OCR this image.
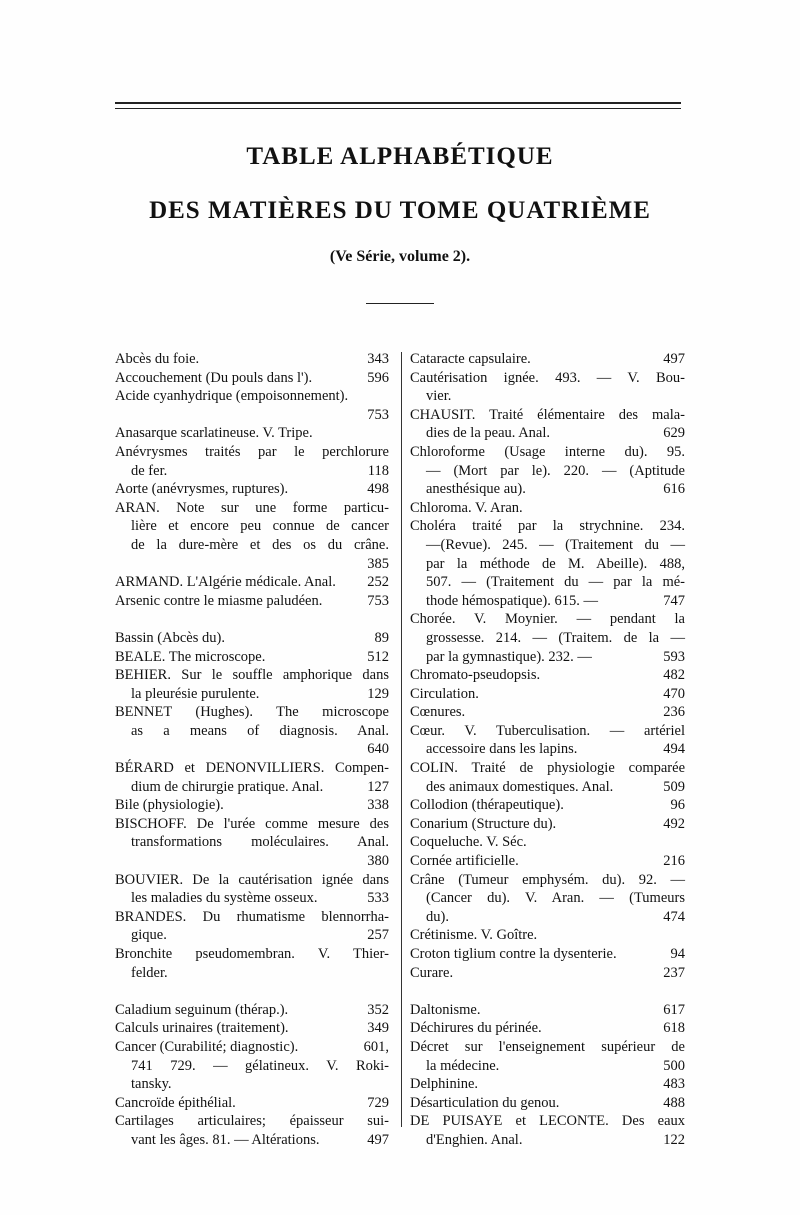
TABLE ALPHABÉTIQUE
DES MATIÈRES DU TOME QUATRIÈME
(Ve Série, volume 2).
Abcès du foie.	343
Accouchement (Du pouls dans l').	596
Acide cyanhydrique (empoisonnement).
753
Anasarque scarlatineuse. V. Tripe.
Anévrysmes traités par le perchlorure
de fer.	118
Aorte (anévrysmes, ruptures).	498
ARAN. Note sur une forme particu-
lière et encore peu connue de cancer
de la dure-mère et des os du crâne.
385
ARMAND. L'Algérie médicale. Anal. 252
Arsenic contre le miasme paludéen.	753
Bassin (Abcès du).	89
BEALE. The microscope.	512
BEHIER. Sur le souffle amphorique dans
la pleurésie purulente.	129
BENNET (Hughes). The microscope
as a means of diagnosis. Anal.
640
BÉRARD et DENONVILLIERS. Compen-
dium de chirurgie pratique. Anal.	127
Bile (physiologie).	338
BISCHOFF. De l'urée comme mesure des
transformations moléculaires. Anal.
380
BOUVIER. De la cautérisation ignée dans
les maladies du système osseux.	533
BRANDES. Du rhumatisme blennorrha-
gique.	257
Bronchite pseudomembran. V. Thier-
felder.
Caladium seguinum (thérap.).	352
Calculs urinaires (traitement).	349
Cancer (Curabilité; diagnostic).	601,
741 729. — gélatineux. V. Roki-
tansky.
Cancroïde épithélial.	729
Cartilages articulaires; épaisseur sui-
vant les âges. 81. — Altérations.	497
Cataracte capsulaire.	497
Cautérisation ignée. 493. — V. Bou-
vier.
CHAUSIT. Traité élémentaire des mala-
dies de la peau. Anal.	629
Chloroforme (Usage interne du). 95.
— (Mort par le). 220. — (Aptitude
anesthésique au).	616
Chloroma. V. Aran.
Choléra traité par la strychnine. 234.
—(Revue). 245. — (Traitement du —
par la méthode de M. Abeille). 488,
507. — (Traitement du — par la mé-
thode hémospatique). 615. —	747
Chorée. V. Moynier. — pendant la
grossesse. 214. — (Traitem. de la —
par la gymnastique). 232. —	593
Chromato-pseudopsis.	482
Circulation.	470
Cœnures.	236
Cœur. V. Tuberculisation. — artériel
accessoire dans les lapins.	494
COLIN. Traité de physiologie comparée
des animaux domestiques. Anal.	509
Collodion (thérapeutique).	96
Conarium (Structure du).	492
Coqueluche. V. Séc.
Cornée artificielle.	216
Crâne (Tumeur emphysém. du). 92. —
(Cancer du). V. Aran. — (Tumeurs
du).	474
Crétinisme. V. Goître.
Croton tiglium contre la dysenterie.	94
Curare.	237
Daltonisme.	617
Déchirures du périnée.	618
Décret sur l'enseignement supérieur de
la médecine.	500
Delphinine.	483
Désarticulation du genou.	488
DE PUISAYE et LECONTE. Des eaux
d'Enghien. Anal.	122
